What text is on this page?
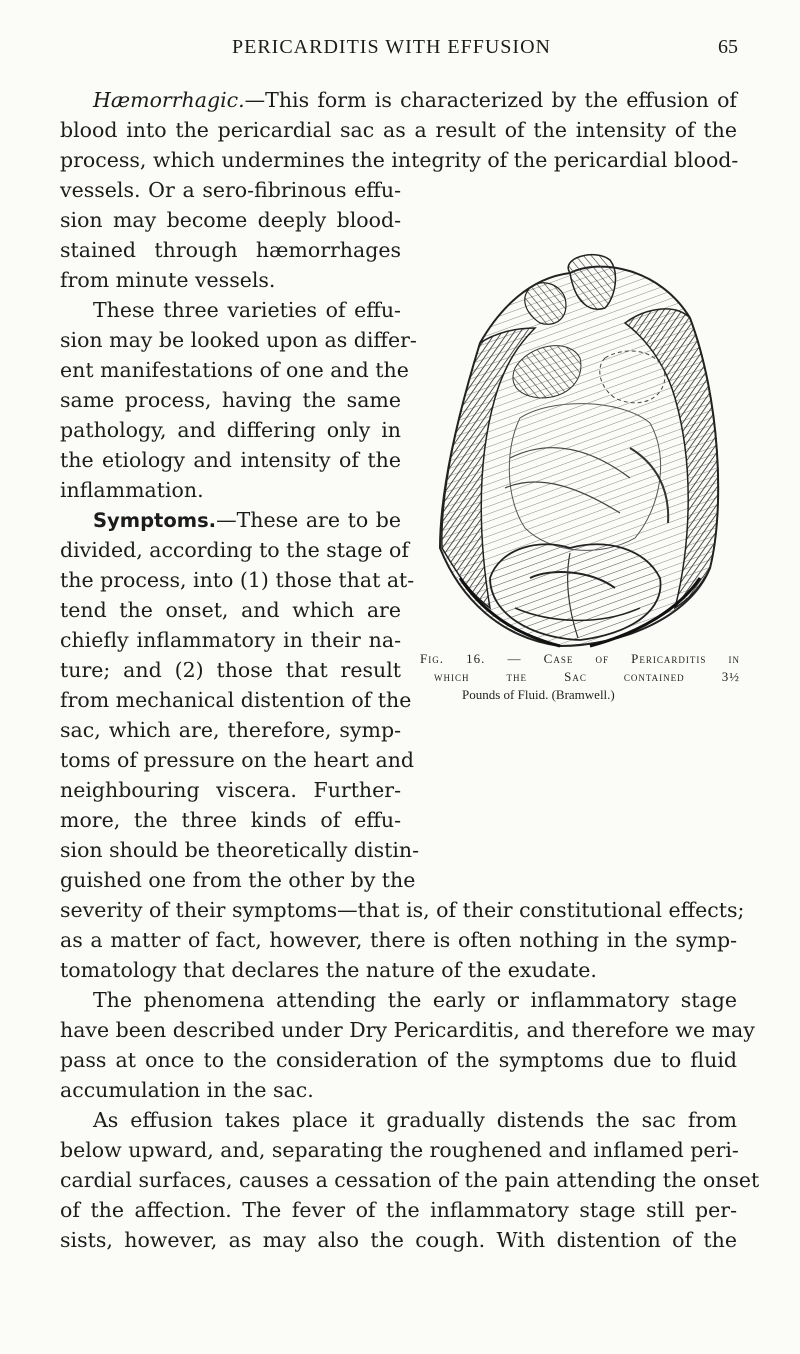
PERICARDITIS WITH EFFUSION	65
Hæmorrhagic.—This form is characterized by the effusion of
blood into the pericardial sac as a result of the intensity of the
process, which undermines the integrity of the pericardial blood-
vessels. Or a sero-fibrinous effu-
sion may become deeply blood-
stained through hæmorrhages
from minute vessels.
These three varieties of effu-
sion may be looked upon as differ-
ent manifestations of one and the
same process, having the same
pathology, and differing only in
the etiology and intensity of the
inflammation.
Symptoms.—These are to be
divided, according to the stage of
the process, into (1) those that at-
tend the onset, and which are
chiefly inflammatory in their na-
ture; and (2) those that result
from mechanical distention of the
sac, which are, therefore, symp-
toms of pressure on the heart and
neighbouring viscera. Further-
more, the three kinds of effu-
sion should be theoretically distin-
guished one from the other by the
severity of their symptoms—that is, of their constitutional effects;
as a matter of fact, however, there is often nothing in the symp-
tomatology that declares the nature of the exudate.
The phenomena attending the early or inflammatory stage
have been described under Dry Pericarditis, and therefore we may
pass at once to the consideration of the symptoms due to fluid
accumulation in the sac.
As effusion takes place it gradually distends the sac from
below upward, and, separating the roughened and inflamed peri-
cardial surfaces, causes a cessation of the pain attending the onset
of the affection. The fever of the inflammatory stage still per-
sists, however, as may also the cough. With distention of the
Fig. 16. — Case of Pericarditis in
which the Sac contained 3½
Pounds of Fluid. (Bramwell.)
